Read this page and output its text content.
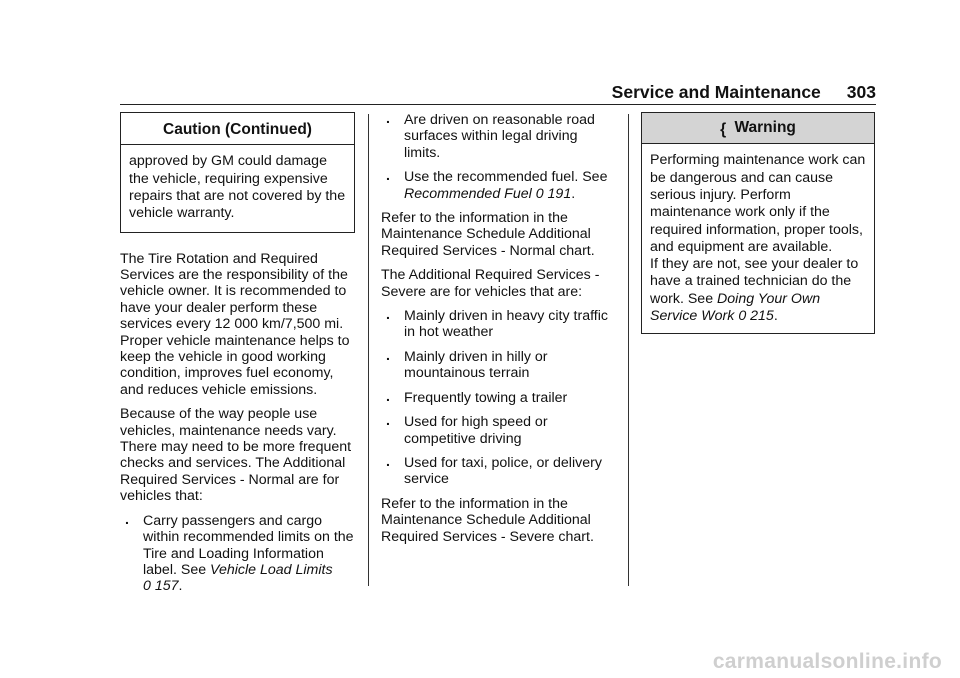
Service and Maintenance 303
Caution (Continued)
approved by GM could damage the vehicle, requiring expensive repairs that are not covered by the vehicle warranty.

The Tire Rotation and Required Services are the responsibility of the vehicle owner. It is recommended to have your dealer perform these services every 12 000 km/7,500 mi. Proper vehicle maintenance helps to keep the vehicle in good working condition, improves fuel economy, and reduces vehicle emissions.

Because of the way people use vehicles, maintenance needs vary. There may need to be more frequent checks and services. The Additional Required Services - Normal are for vehicles that:

. Carry passengers and cargo within recommended limits on the Tire and Loading Information label. See Vehicle Load Limits
0 157.
. Are driven on reasonable road surfaces within legal driving limits.
. Use the recommended fuel. See Recommended Fuel 0 191.

Refer to the information in the Maintenance Schedule Additional Required Services - Normal chart.

The Additional Required Services - Severe are for vehicles that are:

. Mainly driven in heavy city traffic in hot weather
. Mainly driven in hilly or mountainous terrain
. Frequently towing a trailer
. Used for high speed or competitive driving
. Used for taxi, police, or delivery service

Refer to the information in the Maintenance Schedule Additional Required Services - Severe chart.

{ Warning

Performing maintenance work can be dangerous and can cause serious injury. Perform maintenance work only if the required information, proper tools, and equipment are available.

If they are not, see your dealer to have a trained technician do the work. See Doing Your Own Service Work 0 215.

carmanualsonline.info
